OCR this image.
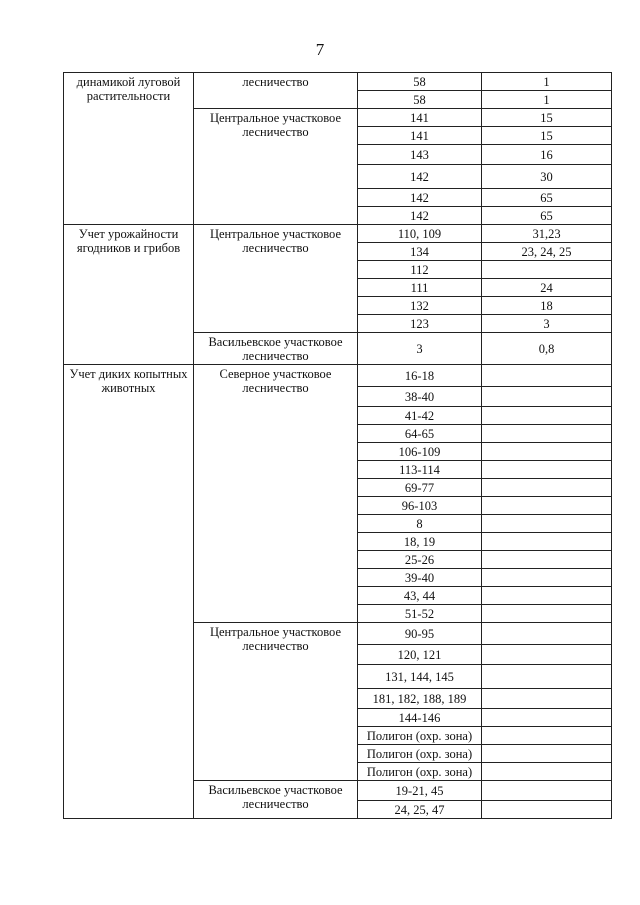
7
динамикой луговой растительности	лесничество	58	1
		58	1
	Центральное участковое лесничество	141	15
		141	15
		143	16
		142	30
		142	65
		142	65
Учет урожайности ягодников и грибов	Центральное участковое лесничество	110, 109	31,23
		134	23, 24, 25
		112	
		111	24
		132	18
		123	3
	Васильевское участковое лесничество	3	0,8
Учет диких копытных животных	Северное участковое лесничество	16-18	
		38-40	
		41-42	
		64-65	
		106-109	
		113-114	
		69-77	
		96-103	
		8	
		18, 19	
		25-26	
		39-40	
		43, 44	
		51-52	
	Центральное участковое лесничество	90-95	
		120, 121	
		131, 144, 145	
		181, 182, 188, 189	
		144-146	
		Полигон (охр. зона)	
		Полигон (охр. зона)	
		Полигон (охр. зона)	
	Васильевское участковое лесничество	19-21, 45	
		24, 25, 47	
